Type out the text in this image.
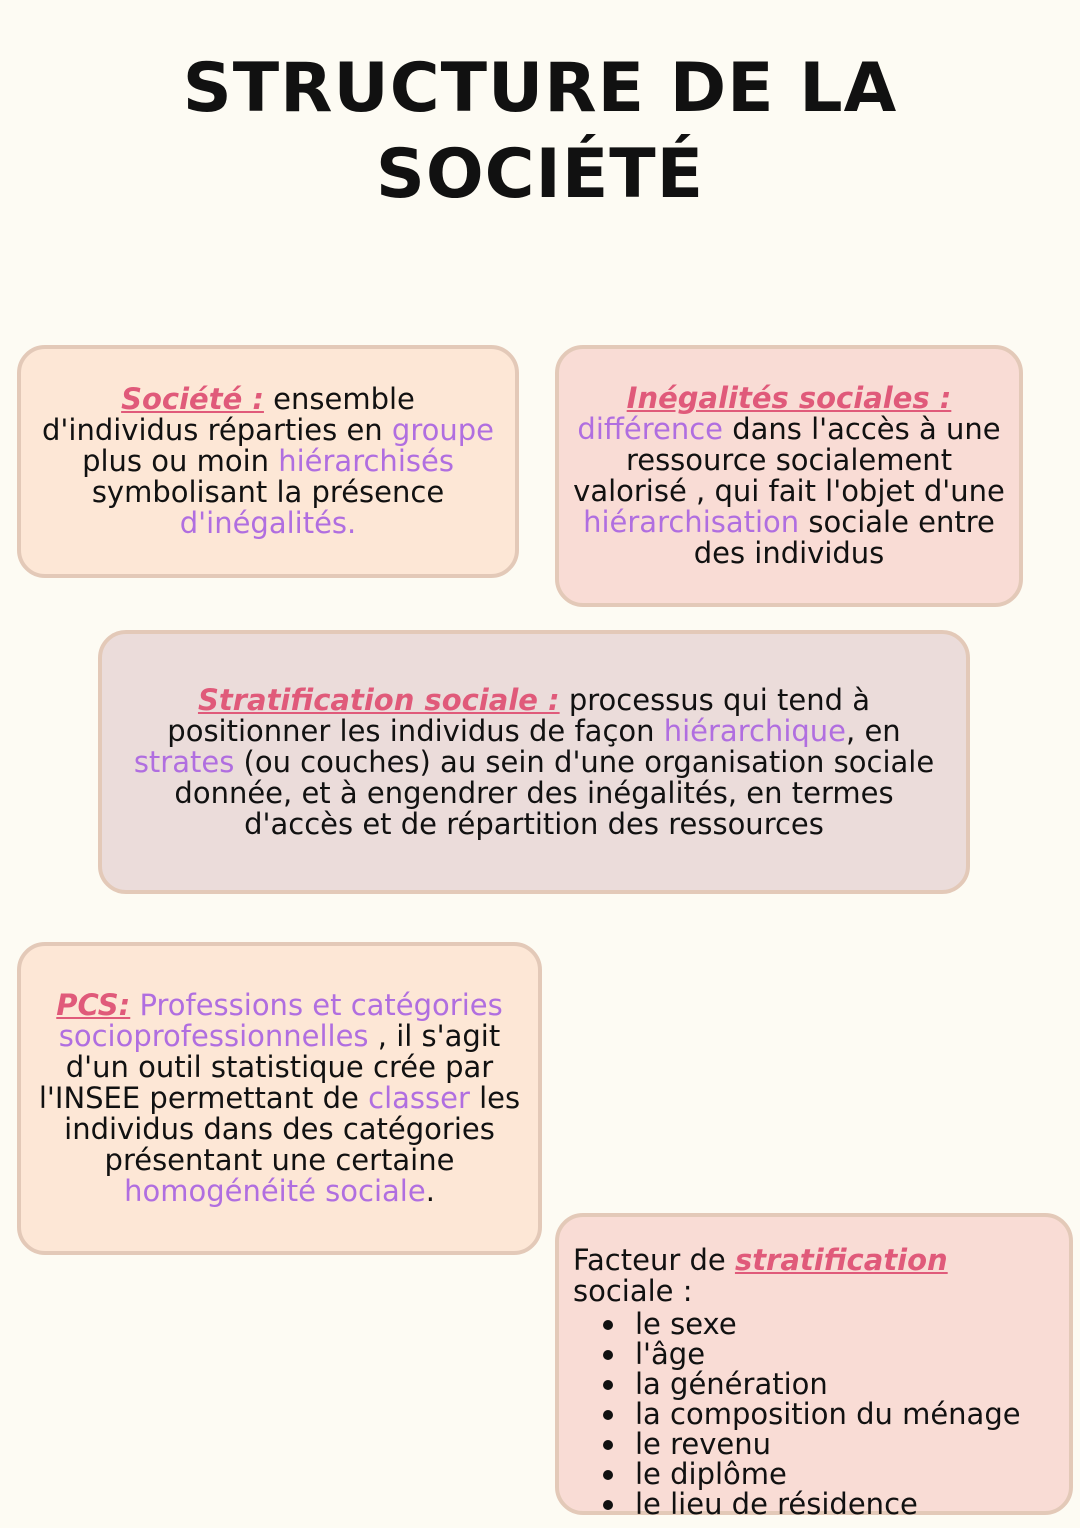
STRUCTURE DE LA
SOCIÉTÉ
Société : ensemble d'individus réparties en groupe plus ou moin hiérarchisés symbolisant la présence d'inégalités.
Inégalités sociales :
différence dans l'accès à une ressource socialement valorisé , qui fait l'objet d'une hiérarchisation sociale entre des individus
Stratification sociale : processus qui tend à positionner les individus de façon hiérarchique, en strates (ou couches) au sein d'une organisation sociale donnée, et à engendrer des inégalités, en termes d'accès et de répartition des ressources
PCS: Professions et catégories socioprofessionnelles , il s'agit d'un outil statistique crée par l'INSEE permettant de classer les individus dans des catégories présentant une certaine homogénéité sociale.
Facteur de stratification sociale :
le sexe
l'âge
la génération
la composition du ménage
le revenu
le diplôme
le lieu de résidence
